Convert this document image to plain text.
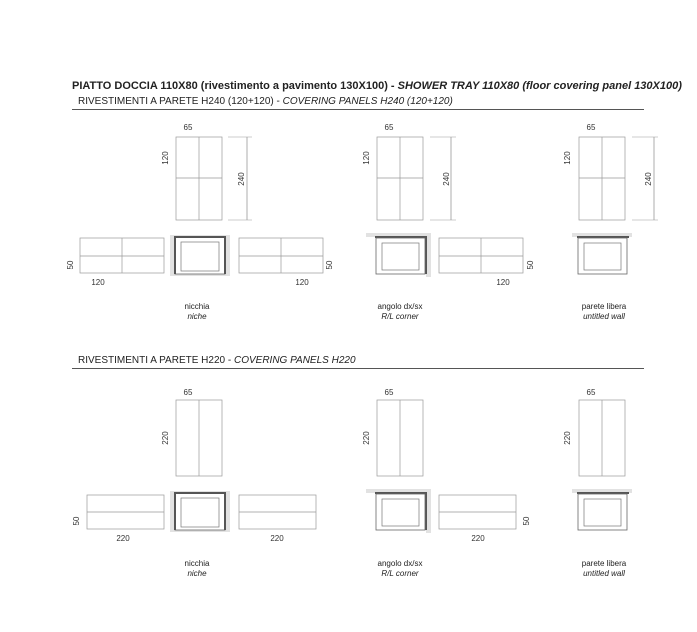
PIATTO DOCCIA 110X80 (rivestimento a pavimento 130X100) - SHOWER TRAY 110X80 (floor covering panel 130X100)
RIVESTIMENTI A PARETE H240 (120+120) - COVERING PANELS H240 (120+120)
RIVESTIMENTI A PARETE H220 - COVERING PANELS H220
65
120
240
65
120
240
65
120
240
120
50
120
50
120
50
65
220
65
220
65
220
220
50
220	220
50
nicchia
niche
angolo dx/sx
R/L corner
parete libera
untitled wall
nicchia
niche
angolo dx/sx
R/L corner
parete libera
untitled wall
